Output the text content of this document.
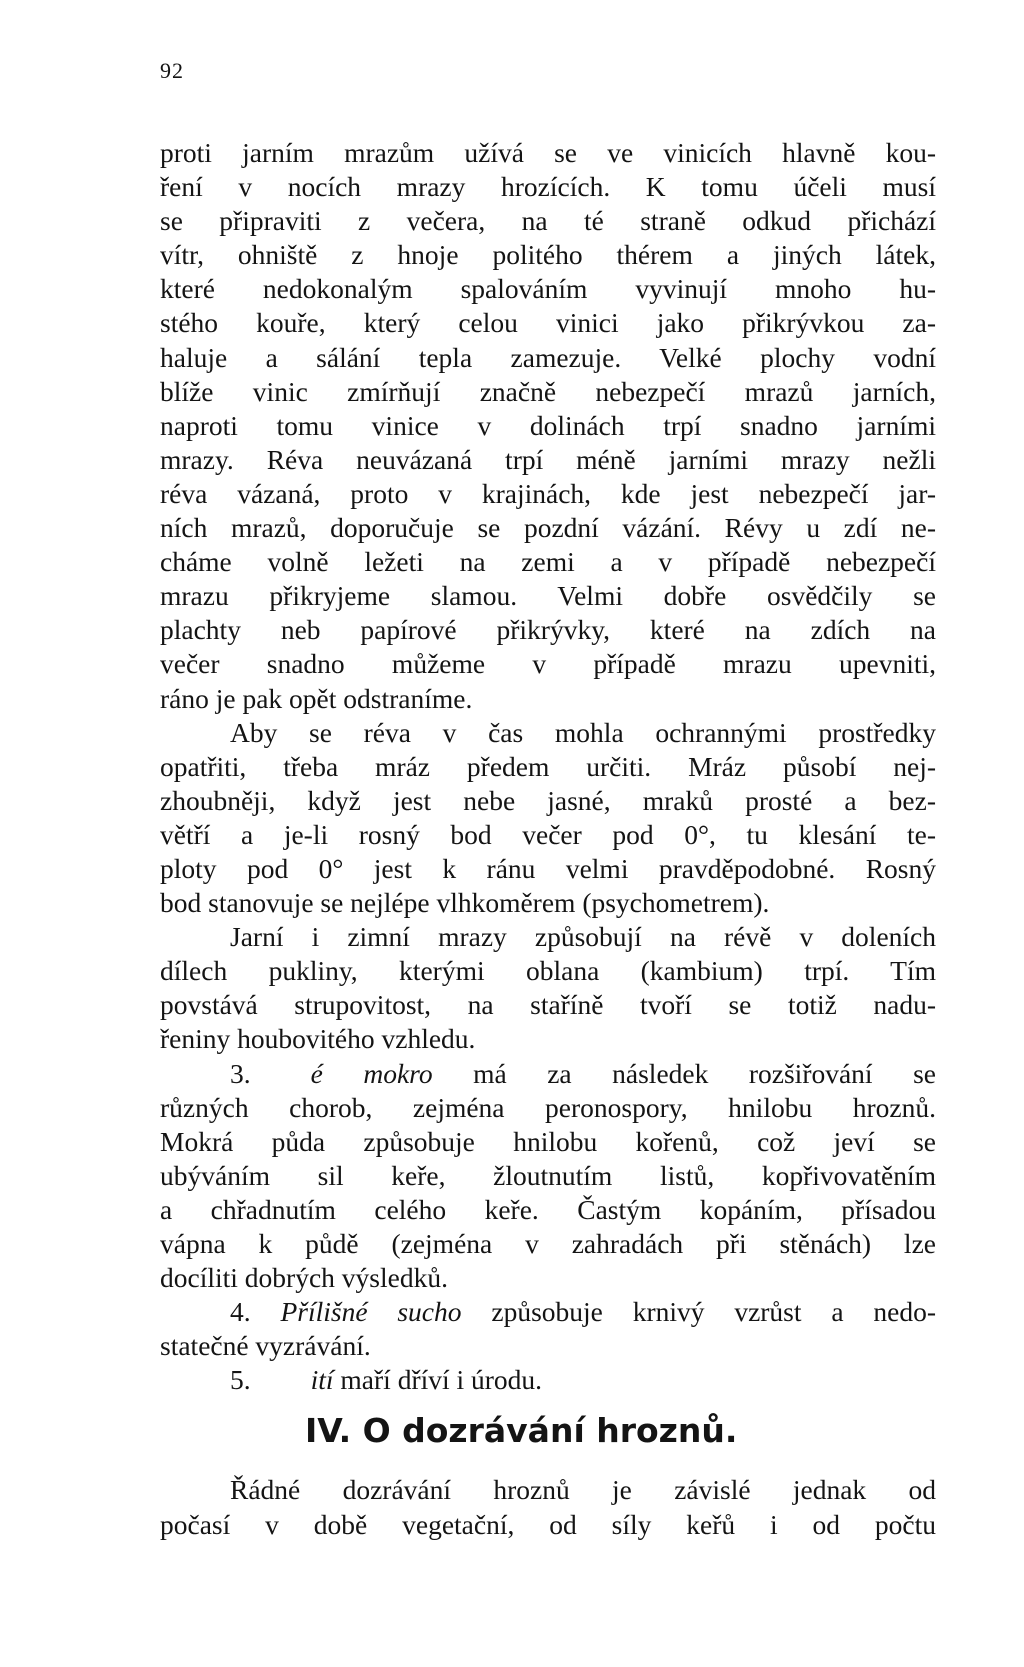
92
proti jarním mrazům užívá se ve vinicích hlavně kou-
ření v nocích mrazy hrozících. K tomu účeli musí
se připraviti z večera, na té straně odkud přichází
vítr, ohniště z hnoje politého thérem a jiných látek,
které nedokonalým spalováním vyvinují mnoho hu-
stého kouře, který celou vinici jako přikrývkou za-
haluje a sálání tepla zamezuje. Velké plochy vodní
blíže vinic zmírňují značně nebezpečí mrazů jarních,
naproti tomu vinice v dolinách trpí snadno jarními
mrazy. Réva neuvázaná trpí méně jarními mrazy nežli
réva vázaná, proto v krajinách, kde jest nebezpečí jar-
ních mrazů, doporučuje se pozdní vázání. Révy u zdí ne-
cháme volně ležeti na zemi a v případě nebezpečí
mrazu přikryjeme slamou. Velmi dobře osvědčily se
plachty neb papírové přikrývky, které na zdích na
večer snadno můžeme v případě mrazu upevniti,
ráno je pak opět odstraníme.
Aby se réva v čas mohla ochrannými prostředky
opatřiti, třeba mráz předem určiti. Mráz působí nej-
zhoubněji, když jest nebe jasné, mraků prosté a bez-
větří a je-li rosný bod večer pod 0°, tu klesání te-
ploty pod 0° jest k ránu velmi pravděpodobné. Rosný
bod stanovuje se nejlépe vlhkoměrem (psychometrem).
Jarní i zimní mrazy způsobují na révě v doleních
dílech pukliny, kterými oblana (kambium) trpí. Tím
povstává strupovitost, na staříně tvoří se totiž nadu-
řeniny houbovitého vzhledu.
3. é mokro má za následek rozšiřování se
různých chorob, zejména peronospory, hnilobu hroznů.
Mokrá půda způsobuje hnilobu kořenů, což jeví se
ubýváním sil keře, žloutnutím listů, kopřivovatěním
a chřadnutím celého keře. Častým kopáním, přísadou
vápna k půdě (zejména v zahradách při stěnách) lze
docíliti dobrých výsledků.
4. Přílišné sucho způsobuje krnivý vzrůst a nedo-
statečné vyzrávání.
5. ití maří dříví i úrodu.
IV. O dozrávání hroznů.
Řádné dozrávání hroznů je závislé jednak od
počasí v době vegetační, od síly keřů i od počtu
